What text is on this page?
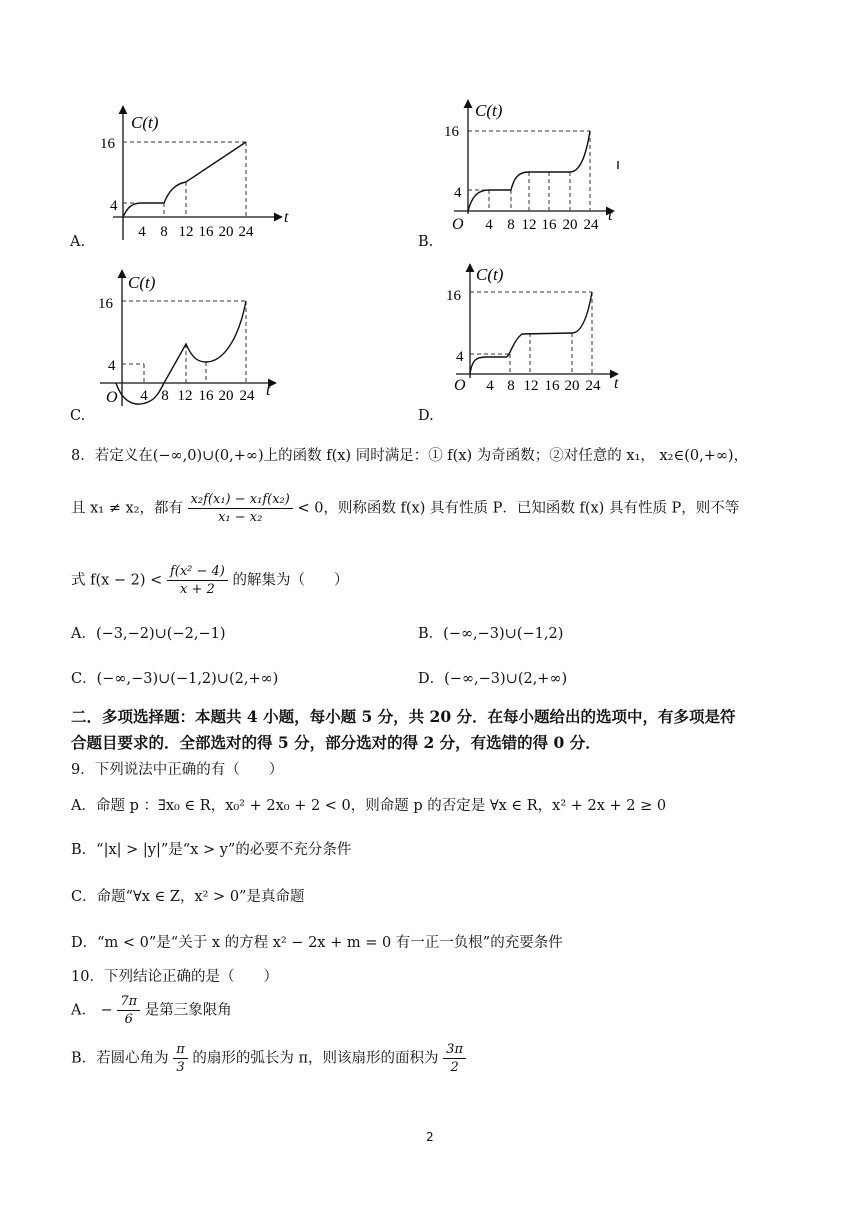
A.
C(t)
16
4
4 8 12 16 20 24
t
B.
C(t)
16
4
O 4 8 12 16 20 24
t
C.
C(t)
16
4
O 4 8 12 16 20 24 t
D.
C(t)
16
4
O 4 8 12 16 20 24 t
8．若定义在(−∞,0)∪(0,+∞)上的函数 f(x) 同时满足：① f(x) 为奇函数；②对任意的 x₁， x₂∈(0,+∞)，
且 x₁ ≠ x₂，都有 $\frac{\text{x₂f(x₁) − x₁f(x₂)}}{\text{x₁ − x₂}} < 0$，则称函数 f(x) 具有性质 P．已知函数 f(x) 具有性质 P，则不等
式 $f(x - 2) < \frac{\text{f(x² − 4)}}{x + 2}$ 的解集为（　　）
A．(−3,−2)∪(−2,−1)	B．(−∞,−3)∪(−1,2)
C．(−∞,−3)∪(−1,2)∪(2,+∞)	D．(−∞,−3)∪(2,+∞)
二．多项选择题：本题共 4 小题，每小题 5 分，共 20 分．在每小题给出的选项中，有多项是符
合题目要求的．全部选对的得 5 分，部分选对的得 2 分，有选错的得 0 分．
9．下列说法中正确的有（　　）
A．命题 p ：∃x₀ ∈ R，x₀² + 2x₀ + 2 < 0，则命题 p 的否定是 ∀x ∈ R，x² + 2x + 2 ≥ 0
B．“|x| > |y|”是“x > y”的必要不充分条件
C．命题“∀x ∈ Z，x² > 0”是真命题
D．“m < 0”是“关于 x 的方程 x² − 2x + m = 0 有一正一负根”的充要条件
10．下列结论正确的是（　　）
A． − $\frac{7\pi}{6}$ 是第三象限角
B．若圆心角为 $\frac{\pi}{3}$ 的扇形的弧长为 π，则该扇形的面积为 $\frac{3\pi}{2}$
2
